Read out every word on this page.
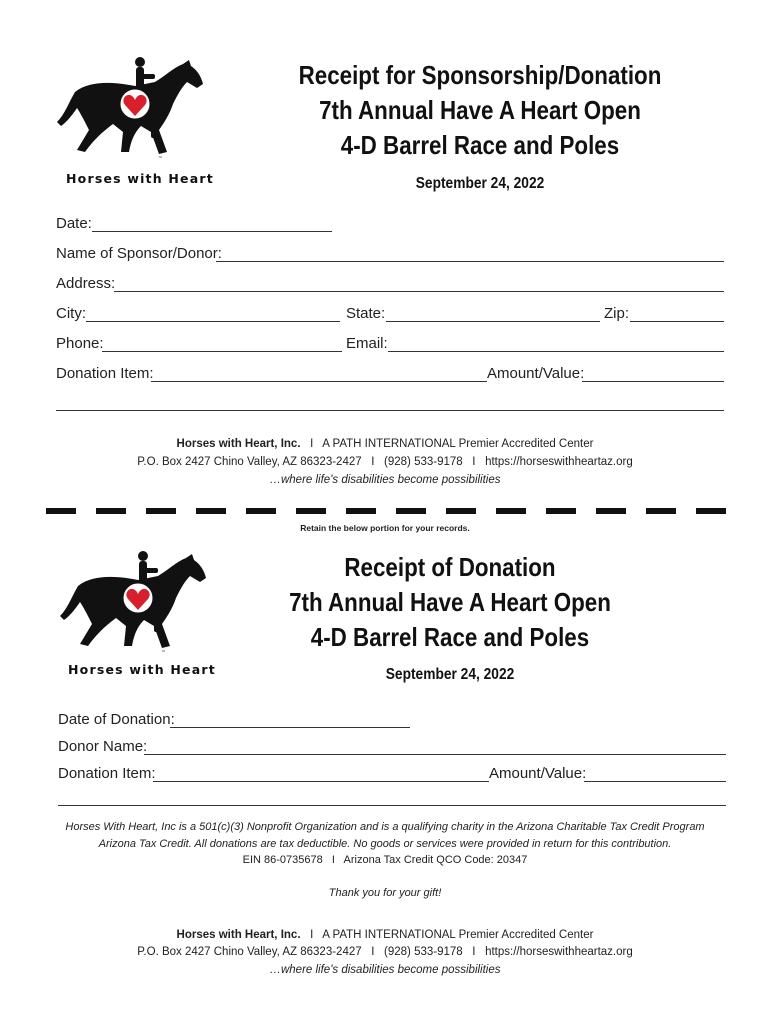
™
Horses with Heart
Receipt for Sponsorship/Donation
7th Annual Have A Heart Open
4-D Barrel Race and Poles
September 24, 2022
Date:
Name of Sponsor/Donor:
Address:
City:	State:	Zip:
Phone:	Email:
Donation Item:	Amount/Value:
Horses with Heart, Inc. I A PATH INTERNATIONAL Premier Accredited Center
P.O. Box 2427 Chino Valley, AZ 86323-2427 I (928) 533-9178 I https://horseswithheartaz.org
…where life's disabilities become possibilities
Retain the below portion for your records.
™
Horses with Heart
Receipt of Donation
7th Annual Have A Heart Open
4-D Barrel Race and Poles
September 24, 2022
Date of Donation:
Donor Name:
Donation Item:	Amount/Value:
Horses With Heart, Inc is a 501(c)(3) Nonprofit Organization and is a qualifying charity in the Arizona Charitable Tax Credit Program
Arizona Tax Credit. All donations are tax deductible. No goods or services were provided in return for this contribution.
EIN 86-0735678 I Arizona Tax Credit QCO Code: 20347
Thank you for your gift!
Horses with Heart, Inc. I A PATH INTERNATIONAL Premier Accredited Center
P.O. Box 2427 Chino Valley, AZ 86323-2427 I (928) 533-9178 I https://horseswithheartaz.org
…where life's disabilities become possibilities
